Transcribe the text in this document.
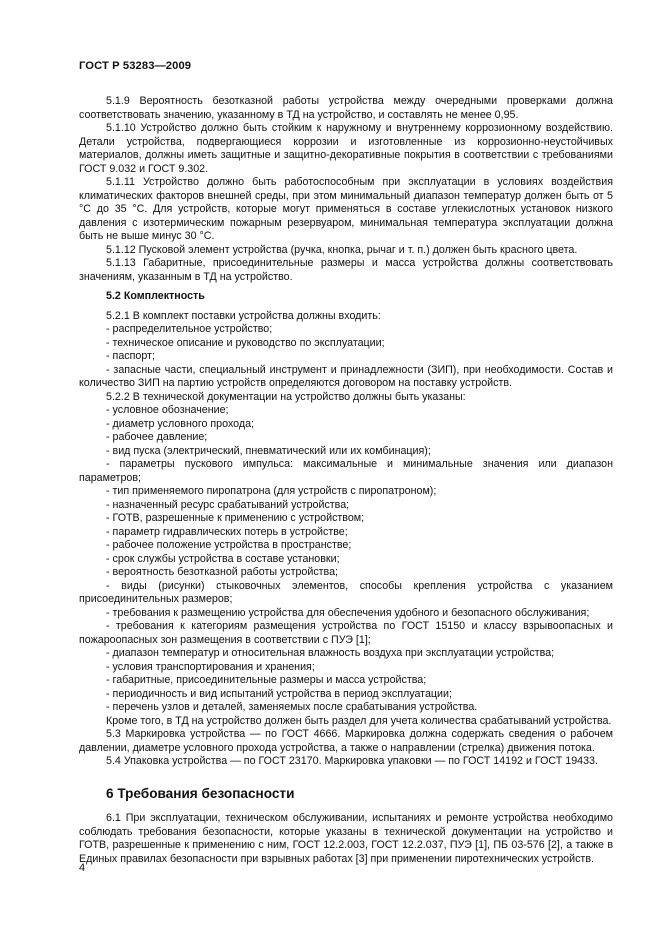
ГОСТ Р 53283—2009

5.1.9 Вероятность безотказной работы устройства между очередными проверками должна соответствовать значению, указанному в ТД на устройство, и составлять не менее 0,95.

5.1.10 Устройство должно быть стойким к наружному и внутреннему коррозионному воздействию. Детали устройства, подвергающиеся коррозии и изготовленные из коррозионно-неустойчивых материалов, должны иметь защитные и защитно-декоративные покрытия в соответствии с требованиями ГОСТ 9.032 и ГОСТ 9.302.

5.1.11 Устройство должно быть работоспособным при эксплуатации в условиях воздействия климатических факторов внешней среды, при этом минимальный диапазон температур должен быть от 5 °С до 35 °С. Для устройств, которые могут применяться в составе углекислотных установок низкого давления с изотермическим пожарным резервуаром, минимальная температура эксплуатации должна быть не выше минус 30 °С.

5.1.12 Пусковой элемент устройства (ручка, кнопка, рычаг и т. п.) должен быть красного цвета.

5.1.13 Габаритные, присоединительные размеры и масса устройства должны соответствовать значениям, указанным в ТД на устройство.

5.2 Комплектность

5.2.1 В комплект поставки устройства должны входить:

- распределительное устройство;

- техническое описание и руководство по эксплуатации;

- паспорт;

- запасные части, специальный инструмент и принадлежности (ЗИП), при необходимости. Состав и количество ЗИП на партию устройств определяются договором на поставку устройств.

5.2.2 В технической документации на устройство должны быть указаны:

- условное обозначение;

- диаметр условного прохода;

- рабочее давление;

- вид пуска (электрический, пневматический или их комбинация);

- параметры пускового импульса: максимальные и минимальные значения или диапазон параметров;

- тип применяемого пиропатрона (для устройств с пиропатроном);

- назначенный ресурс срабатываний устройства;

- ГОТВ, разрешенные к применению с устройством;

- параметр гидравлических потерь в устройстве;

- рабочее положение устройства в пространстве;

- срок службы устройства в составе установки;

- вероятность безотказной работы устройства;

- виды (рисунки) стыковочных элементов, способы крепления устройства с указанием присоединительных размеров;

- требования к размещению устройства для обеспечения удобного и безопасного обслуживания;

- требования к категориям размещения устройства по ГОСТ 15150 и классу взрывоопасных и пожароопасных зон размещения в соответствии с ПУЭ [1];

- диапазон температур и относительная влажность воздуха при эксплуатации устройства;

- условия транспортирования и хранения;

- габаритные, присоединительные размеры и масса устройства;

- периодичность и вид испытаний устройства в период эксплуатации;

- перечень узлов и деталей, заменяемых после срабатывания устройства.

Кроме того, в ТД на устройство должен быть раздел для учета количества срабатываний устройства.

5.3 Маркировка устройства — по ГОСТ 4666. Маркировка должна содержать сведения о рабочем давлении, диаметре условного прохода устройства, а также о направлении (стрелка) движения потока.

5.4 Упаковка устройства — по ГОСТ 23170. Маркировка упаковки — по ГОСТ 14192 и ГОСТ 19433.

6 Требования безопасности

6.1 При эксплуатации, техническом обслуживании, испытаниях и ремонте устройства необходимо соблюдать требования безопасности, которые указаны в технической документации на устройство и ГОТВ, разрешенные к применению с ним, ГОСТ 12.2.003, ГОСТ 12.2.037, ПУЭ [1], ПБ 03-576 [2], а также в Единых правилах безопасности при взрывных работах [3] при применении пиротехнических устройств.

4
